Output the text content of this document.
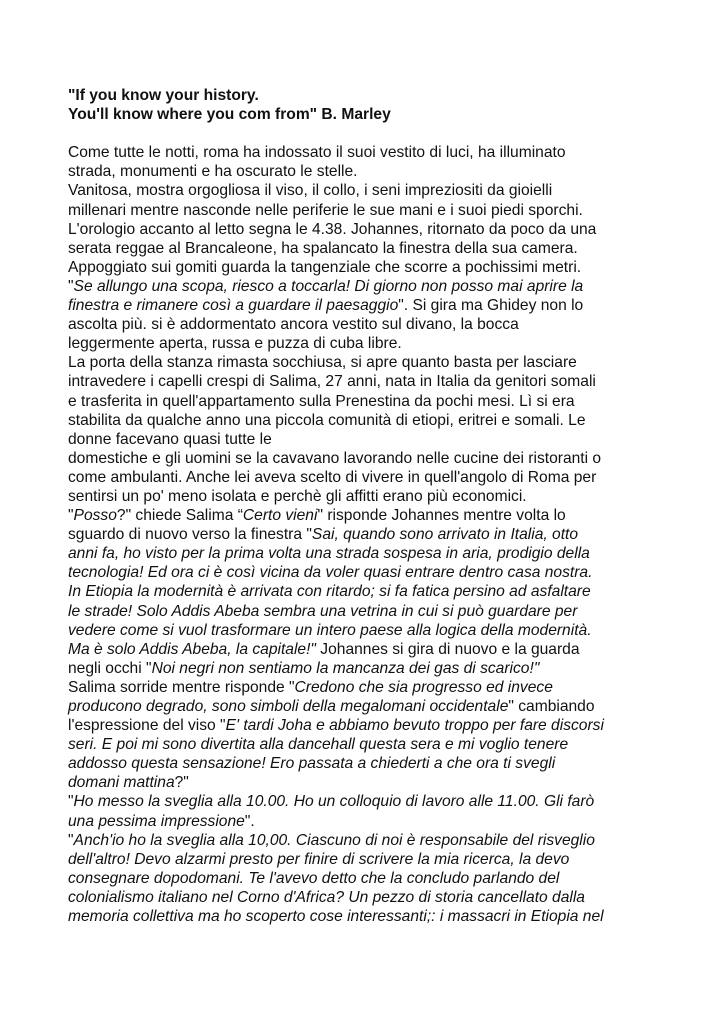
"If you know your history.
You'll know where you com from" B. Marley
Come tutte le notti, roma ha indossato il suoi vestito di luci, ha illuminato
strada, monumenti e ha oscurato le stelle.
Vanitosa, mostra orgogliosa il viso, il collo, i seni impreziositi da gioielli
millenari mentre nasconde nelle periferie le sue mani e i suoi piedi sporchi.
L'orologio accanto al letto segna le 4.38. Johannes, ritornato da poco da una
serata reggae al Brancaleone, ha spalancato la finestra della sua camera.
Appoggiato sui gomiti guarda la tangenziale che scorre a pochissimi metri.
"Se allungo una scopa, riesco a toccarla! Di giorno non posso mai aprire la
finestra e rimanere così a guardare il paesaggio". Si gira ma Ghidey non lo
ascolta più. si è addormentato ancora vestito sul divano, la bocca
leggermente aperta, russa e puzza di cuba libre.
La porta della stanza rimasta socchiusa, si apre quanto basta per lasciare
intravedere i capelli crespi di Salima, 27 anni, nata in Italia da genitori somali
e trasferita in quell'appartamento sulla Prenestina da pochi mesi. Lì si era
stabilita da qualche anno una piccola comunità di etiopi, eritrei e somali. Le
donne facevano quasi tutte le
domestiche e gli uomini se la cavavano lavorando nelle cucine dei ristoranti o
come ambulanti. Anche lei aveva scelto di vivere in quell'angolo di Roma per
sentirsi un po' meno isolata e perchè gli affitti erano più economici.
"Posso?" chiede Salima “Certo vieni" risponde Johannes mentre volta lo
sguardo di nuovo verso la finestra "Sai, quando sono arrivato in Italia, otto
anni fa, ho visto per la prima volta una strada sospesa in aria, prodigio della
tecnologia! Ed ora ci è così vicina da voler quasi entrare dentro casa nostra.
In Etiopia la modernità è arrivata con ritardo; si fa fatica persino ad asfaltare
le strade! Solo Addis Abeba sembra una vetrina in cui si può guardare per
vedere come si vuol trasformare un intero paese alla logica della modernità.
Ma è solo Addis Abeba, la capitale!" Johannes si gira di nuovo e la guarda
negli occhi "Noi negri non sentiamo la mancanza dei gas di scarico!"
Salima sorride mentre risponde "Credono che sia progresso ed invece
producono degrado, sono simboli della megalomani occidentale" cambiando
l'espressione del viso "E' tardi Joha e abbiamo bevuto troppo per fare discorsi
seri. E poi mi sono divertita alla dancehall questa sera e mi voglio tenere
addosso questa sensazione! Ero passata a chiederti a che ora ti svegli
domani mattina?"
"Ho messo la sveglia alla 10.00. Ho un colloquio di lavoro alle 11.00. Gli farò
una pessima impressione".
"Anch'io ho la sveglia alla 10,00. Ciascuno di noi è responsabile del risveglio
dell'altro! Devo alzarmi presto per finire di scrivere la mia ricerca, la devo
consegnare dopodomani. Te l'avevo detto che la concludo parlando del
colonialismo italiano nel Corno d'Africa? Un pezzo di storia cancellato dalla
memoria collettiva ma ho scoperto cose interessanti;: i massacri in Etiopia nel
